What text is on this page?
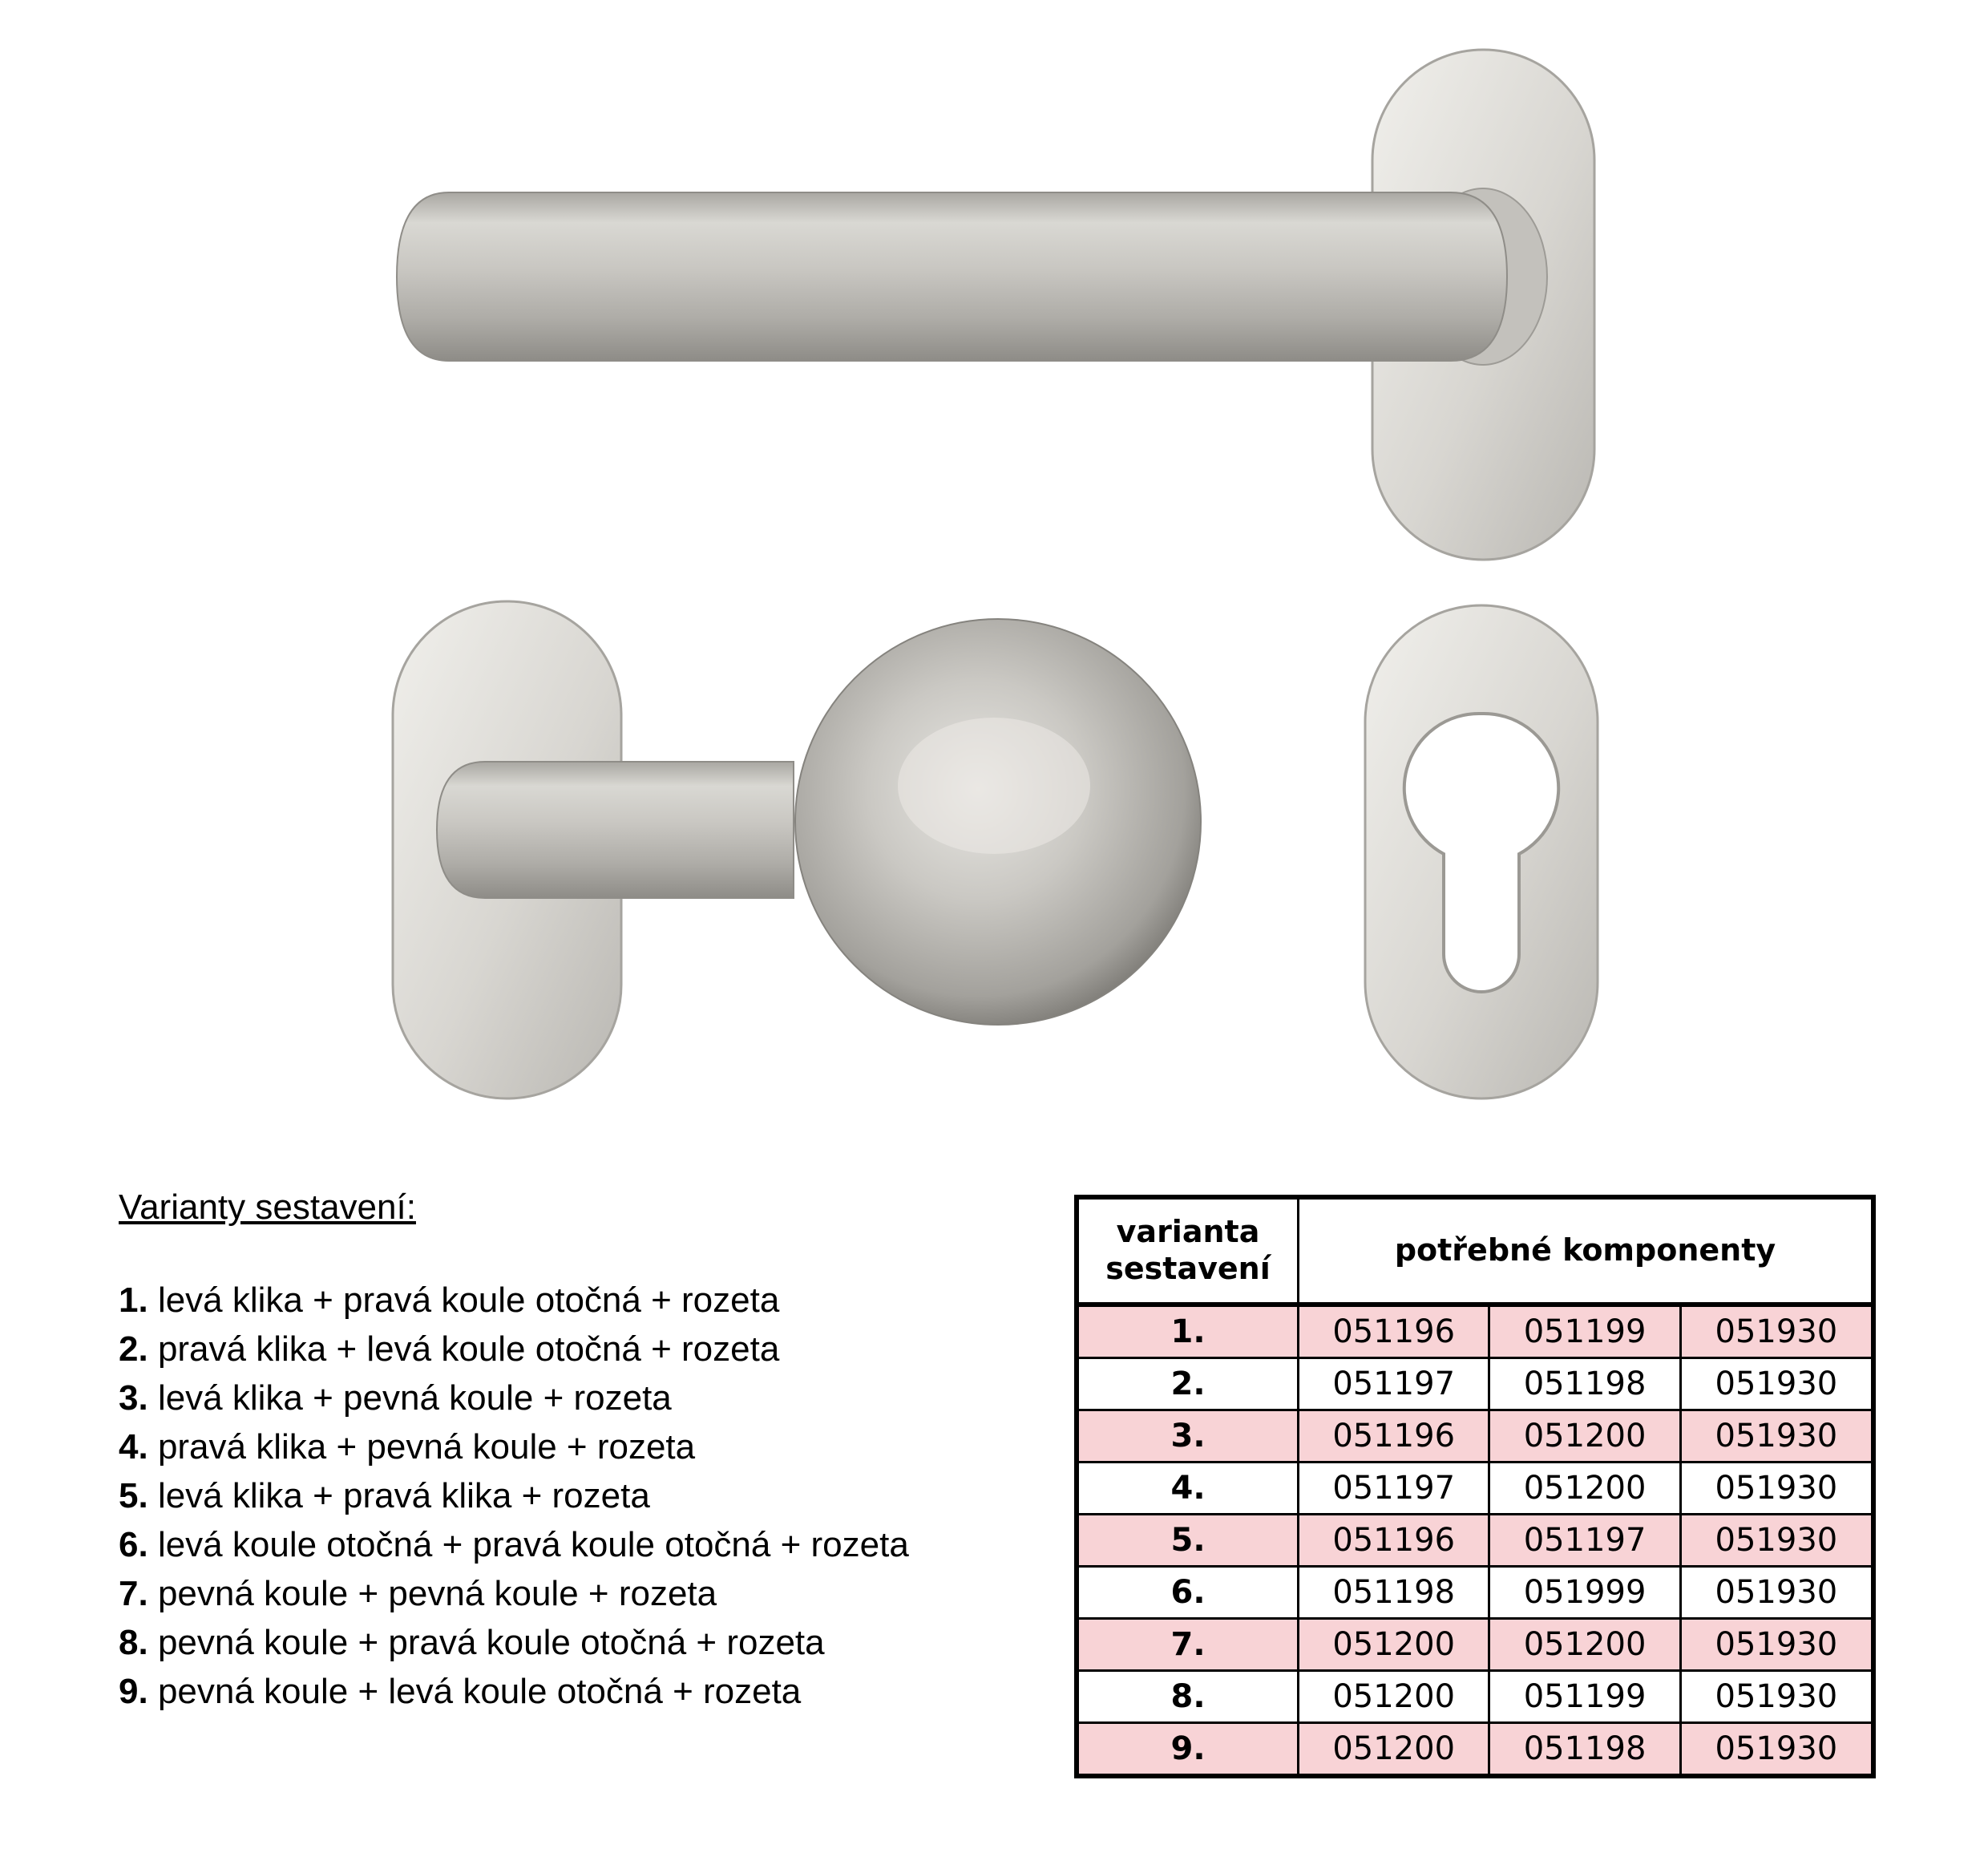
Varianty sestavení:
1. levá klika + pravá koule otočná + rozeta
2. pravá klika + levá koule otočná + rozeta
3. levá klika + pevná koule + rozeta
4. pravá klika + pevná koule + rozeta
5. levá klika + pravá klika + rozeta
6. levá koule otočná + pravá koule otočná + rozeta
7. pevná koule + pevná koule + rozeta
8. pevná koule + pravá koule otočná + rozeta
9. pevná koule + levá koule otočná + rozeta
varianta sestavení	potřebné komponenty		
1.	051196	051199	051930
2.	051197	051198	051930
3.	051196	051200	051930
4.	051197	051200	051930
5.	051196	051197	051930
6.	051198	051999	051930
7.	051200	051200	051930
8.	051200	051199	051930
9.	051200	051198	051930
